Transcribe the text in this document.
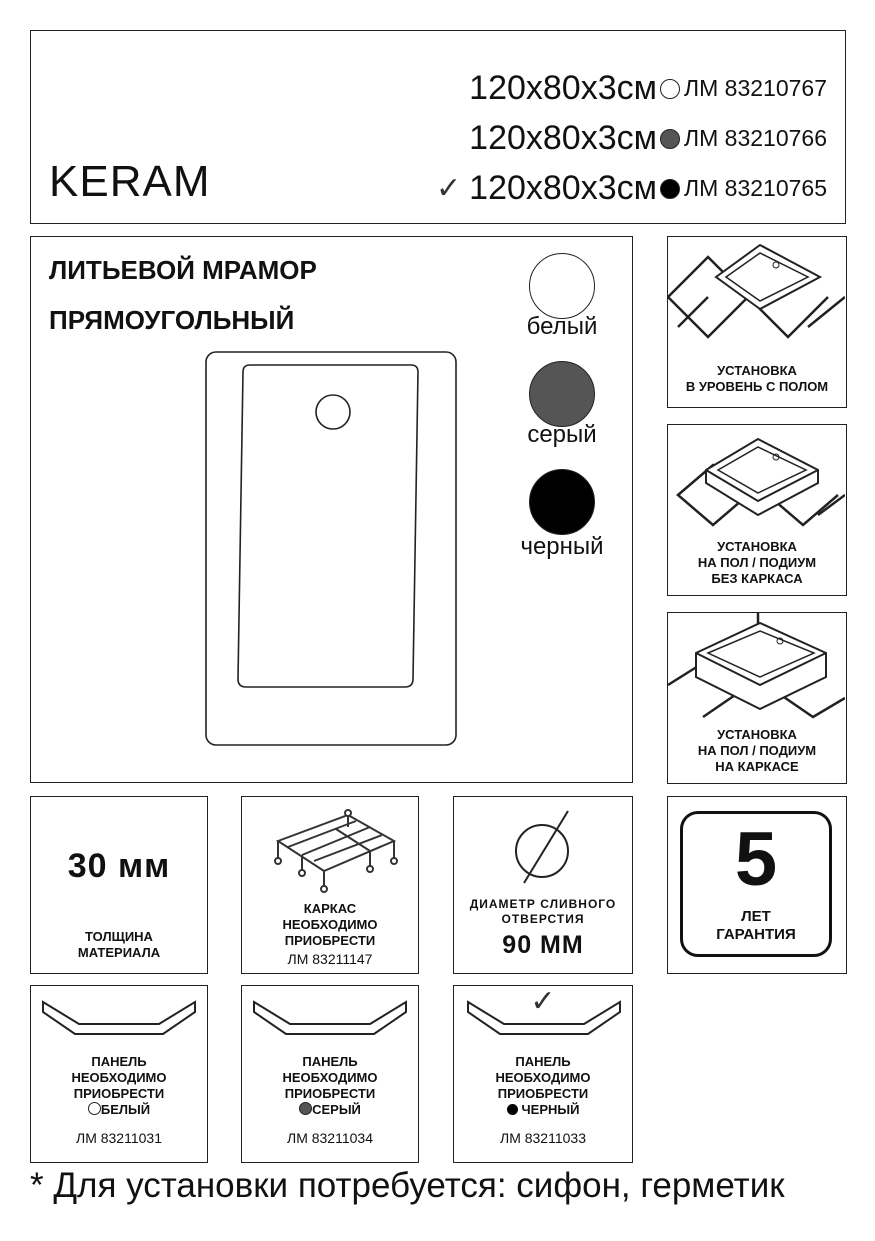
KERAM
120x80x3см ЛМ 83210767
120x80x3см ЛМ 83210766
✓ 120x80x3см ЛМ 83210765
ЛИТЬЕВОЙ МРАМОР
ПРЯМОУГОЛЬНЫЙ	белый
серый
черный
УСТАНОВКА
В УРОВЕНЬ С ПОЛОМ
УСТАНОВКА
НА ПОЛ / ПОДИУМ
БЕЗ КАРКАСА
УСТАНОВКА
НА ПОЛ / ПОДИУМ
НА КАРКАСЕ
30 мм
ТОЛЩИНА
МАТЕРИАЛА
КАРКАС
НЕОБХОДИМО
ПРИОБРЕСТИ
ЛМ 83211147
ДИАМЕТР СЛИВНОГО
ОТВЕРСТИЯ
90 ММ
5
ЛЕТ
ГАРАНТИЯ
ПАНЕЛЬ
НЕОБХОДИМО
ПРИОБРЕСТИ
БЕЛЫЙ
ЛМ 83211031
ПАНЕЛЬ
НЕОБХОДИМО
ПРИОБРЕСТИ
СЕРЫЙ
ЛМ 83211034
✓
ПАНЕЛЬ
НЕОБХОДИМО
ПРИОБРЕСТИ
ЧЕРНЫЙ
ЛМ 83211033
* Для установки потребуется: сифон, герметик
